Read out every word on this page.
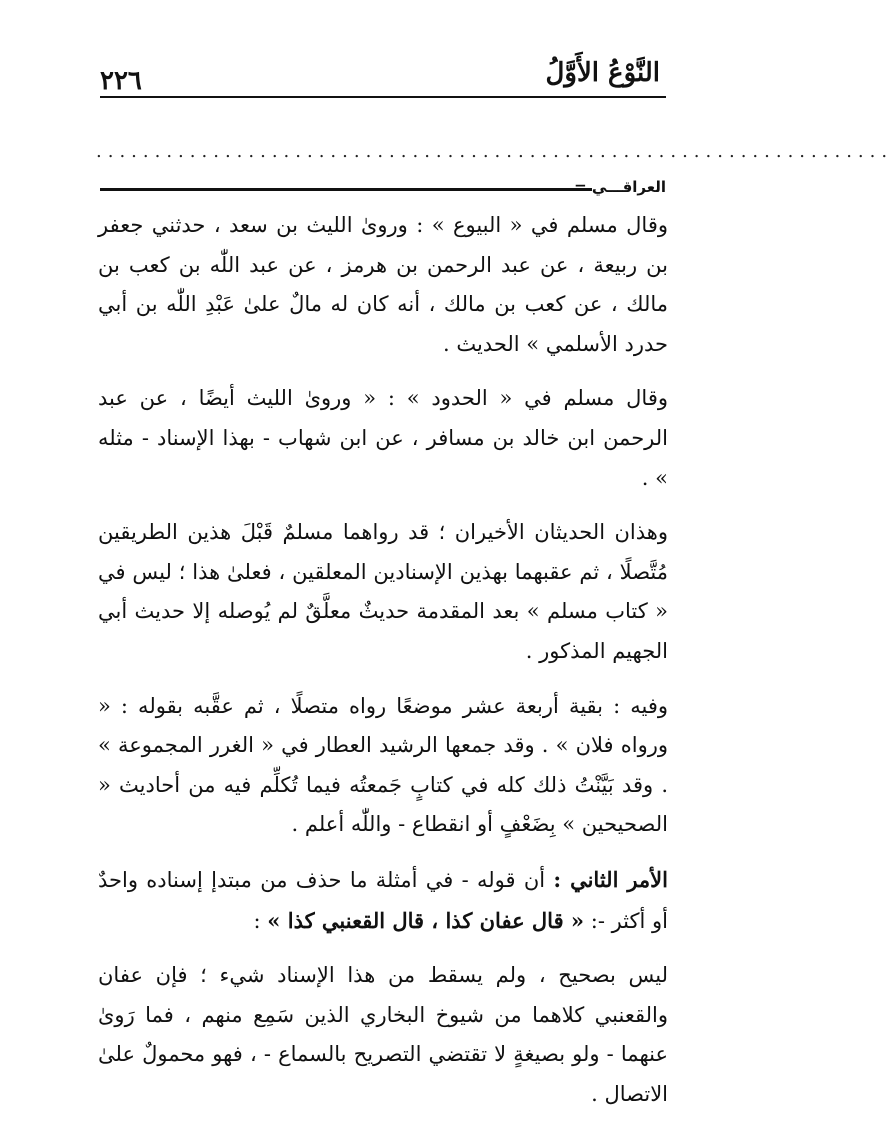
٢٢٦	النَّوْعُ الأَوَّلُ
....................................................................
العراقـــي =

وقال مسلم في « البيوع » : وروىٰ الليث بن سعد ، حدثني جعفر بن ربيعة ، عن عبد الرحمن بن هرمز ، عن عبد اللّٰه بن كعب بن مالك ، عن كعب بن مالك ، أنه كان له مالٌ علىٰ عَبْدِ اللّٰه بن أبي حدرد الأسلمي » الحديث .

وقال مسلم في « الحدود » : « وروىٰ الليث أيضًا ، عن عبد الرحمن ابن خالد بن مسافر ، عن ابن شهاب - بهذا الإسناد - مثله » .

وهذان الحديثان الأخيران ؛ قد رواهما مسلمٌ قَبْلَ هذين الطريقين مُتَّصلًا ، ثم عقبهما بهذين الإسنادين المعلقين ، فعلىٰ هذا ؛ ليس في « كتاب مسلم » بعد المقدمة حديثٌ معلَّقٌ لم يُوصله إلا حديث أبي الجهيم المذكور .

وفيه : بقية أربعة عشر موضعًا رواه متصلًا ، ثم عقَّبه بقوله : « ورواه فلان » . وقد جمعها الرشيد العطار في « الغرر المجموعة » . وقد بَيَّنْتُ ذلك كله في كتابٍ جَمعتُه فيما تُكلِّم فيه من أحاديث « الصحيحين » بِضَعْفٍ أو انقطاع - واللّٰه أعلم .

الأمر الثاني : أن قوله - في أمثلة ما حذف من مبتدإ إسناده واحدٌ أو أكثر -: « قال عفان كذا ، قال القعنبي كذا » :

ليس بصحيح ، ولم يسقط من هذا الإسناد شيء ؛ فإن عفان والقعنبي كلاهما من شيوخ البخاري الذين سَمِع منهم ، فما رَوىٰ عنهما - ولو بصيغةٍ لا تقتضي التصريح بالسماع - ، فهو محمولٌ علىٰ الاتصال .
